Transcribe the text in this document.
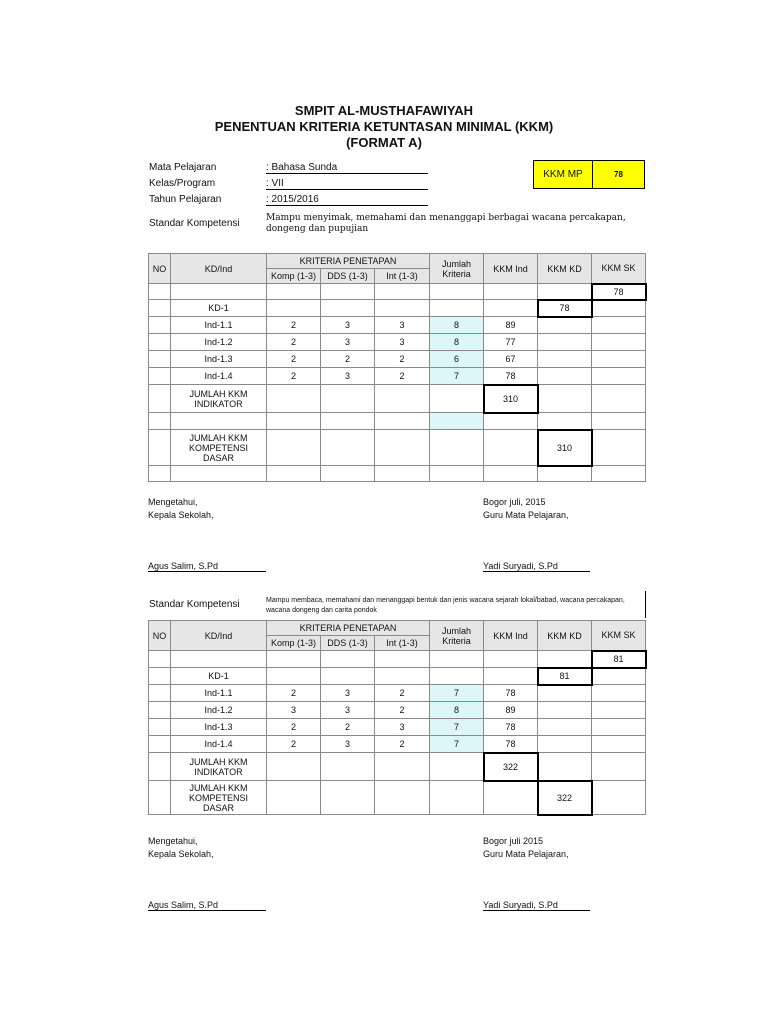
SMPIT AL-MUSTHAFAWIYAH
PENENTUAN KRITERIA KETUNTASAN MINIMAL (KKM)
(FORMAT A)
Mata Pelajaran	: Bahasa Sunda
Kelas/Program	: VII
Tahun Pelajaran	: 2015/2016
KKM MP	78
Standar Kompetensi	Mampu menyimak, memahami dan menanggapi berbagai wacana percakapan, dongeng dan pupujian
NO	KD/Ind	KRITERIA PENETAPAN			Jumlah Kriteria	KKM Ind	KKM KD	KKM SK
		Komp (1-3)	DDS (1-3)	Int (1-3)				
								78
	KD-1						78	
	Ind-1.1	2	3	3	8	89		
	Ind-1.2	2	3	3	8	77		
	Ind-1.3	2	2	2	6	67		
	Ind-1.4	2	3	2	7	78		
	JUMLAH KKM INDIKATOR					310		

	JUMLAH KKM KOMPETENSI DASAR						310	

Mengetahui,
Kepala Sekolah,
Bogor juli, 2015
Guru Mata Pelajaran,
Agus Salim, S.Pd	Yadi Suryadi, S.Pd
Standar Kompetensi	Mampu membaca, memahami dan menanggapi bentuk dan jenis wacana sejarah lokal/babad, wacana percakapan, wacana dongeng dan carita pondok
NO	KD/Ind	KRITERIA PENETAPAN			Jumlah Kriteria	KKM Ind	KKM KD	KKM SK
		Komp (1-3)	DDS (1-3)	Int (1-3)				
								81
	KD-1						81	
	Ind-1.1	2	3	2	7	78		
	Ind-1.2	3	3	2	8	89		
	Ind-1.3	2	2	3	7	78		
	Ind-1.4	2	3	2	7	78		
	JUMLAH KKM INDIKATOR					322		
	JUMLAH KKM KOMPETENSI DASAR						322	
Mengetahui,
Kepala Sekolah,
Bogor juli 2015
Guru Mata Pelajaran,
Agus Salim, S.Pd	Yadi Suryadi, S.Pd
